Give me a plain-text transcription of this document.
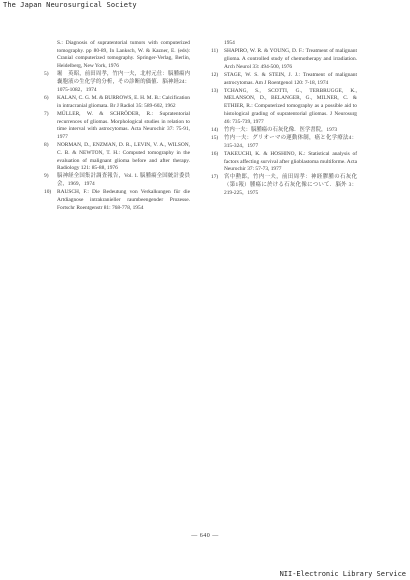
The Japan Neurosurgical Society
S.: Diagnosis of supratentorial tumors with computerized tomography. pp 80-89, In Lanksch, W. & Kazner, E. (eds): Cranial computerized tomography. Springer-Verlag, Berlin, Heidelberg, New York, 1976
5) 堀　英昭，前田周孝，竹内一夫，北村元仕：脳腫瘍内嚢胞液の生化学的分析，その診断的価値．脳神経24：1075-1082，1974
6) KALAN, C. G. M. & BURROWS, E. H. M. B.: Calcification in intracranial gliomata. Br J Radiol 35: 589-602, 1962
7) MÜLLER, W. & SCHRÖDER, R.: Supratentorial recurrences of gliomas. Morphological studies in relation to time interval with astrocytomas. Acta Neurochir 37: 75-91, 1977
8) NORMAN, D., ENZMAN, D. R., LEVIN, V. A., WILSON, C. B. & NEWTON, T. H.: Computed tomography in the evaluation of malignant glioma before and after therapy. Radiology 121: 85-88, 1976
9) 脳神経全国集計調査報告，Vol. 1. 脳腫瘍全国統計委員会，1969，1974
10) RAUSCH, F.: Die Bedeutung von Verkalkungen für die Artdiagnose intrakranieller raumbeengender Prozesse. Fortschr Roentgenstr 81: 768-778, 1954
1954
11) SHAPIRO, W. R. & YOUNG, D. F.: Treatment of malignant glioma. A controlled study of chemotherapy and irradiation. Arch Neurol 33: 494-500, 1976
12) STAGE, W. S. & STEIN, J. J.: Treatment of malignant astrocytomas. Am J Roentgenol 120: 7-18, 1974
13) TCHANG, S., SCOTTI, G., TERBRUGGE, K., MELANSON, D., BELANGER, G., MILNER, C. & ETHIER, R.: Computerized tomography as a possible aid to histological grading of supratentorial gliomas. J Neurosurg 46: 735-739, 1977
14) 竹内一夫：脳腫瘍の石灰化像．医学書院，1973
15) 竹内一夫：グリオーマの運動体制，癌と化学療法4：315-324，1977
16) TAKEUCHI, K. & HOSHINO, K.: Statistical analysis of factors affecting survival after glioblastoma multiforme. Acta Neurochir 37: 57-73, 1977
17) 宮中勲郎，竹内一夫，前田周孝：神経膠腫の石灰化（第1報）腫瘍に於ける石灰化像について．脳外 3：219-225，1975
— 640 —
NII-Electronic Library Service
